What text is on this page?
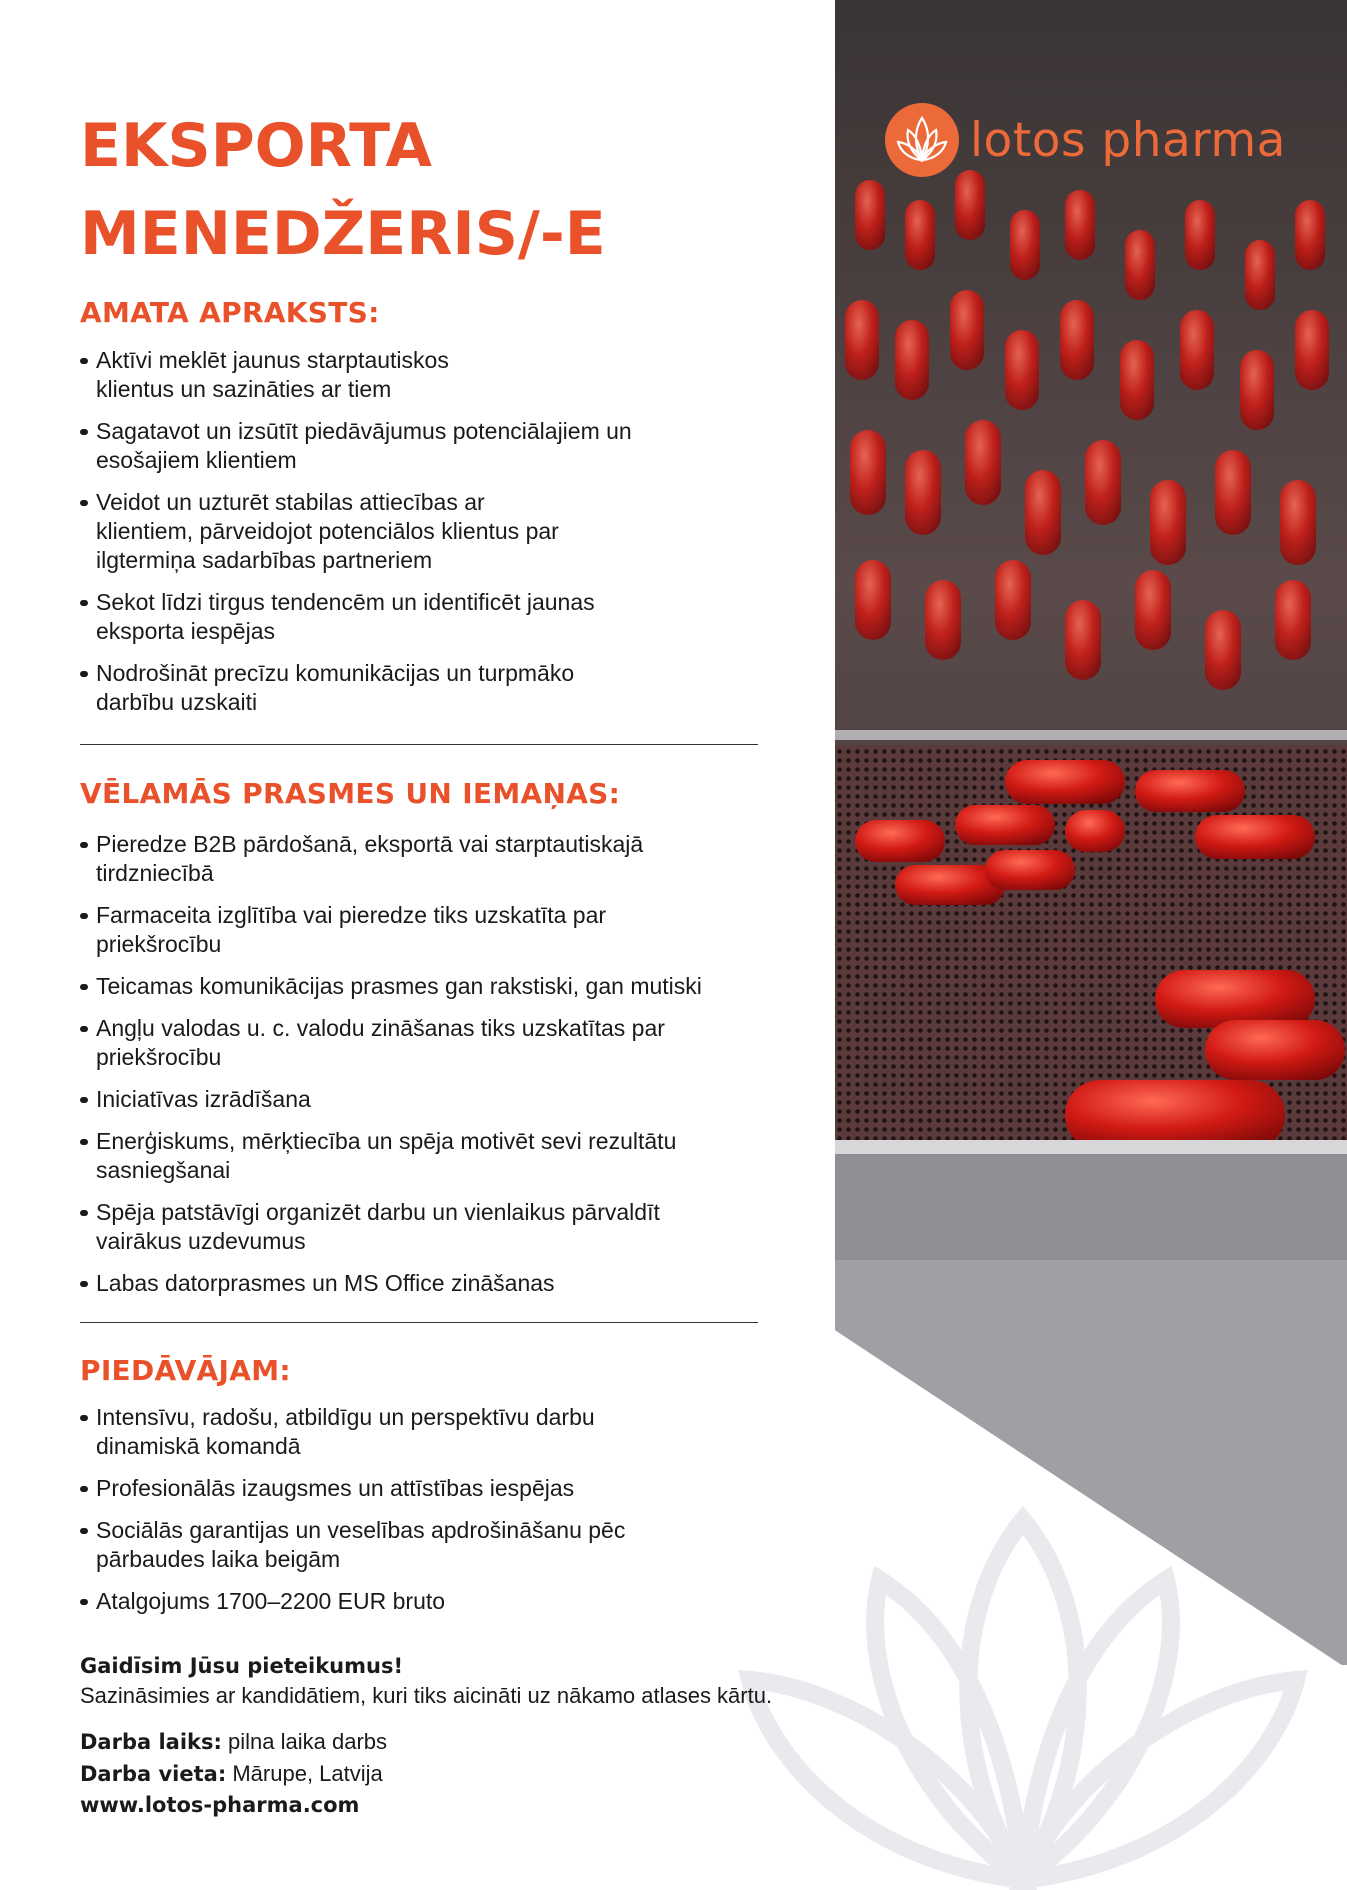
lotos pharma
EKSPORTA
MENEDŽERIS/-E
AMATA APRAKSTS:
Aktīvi meklēt jaunus starptautiskos
klientus un sazināties ar tiem
Sagatavot un izsūtīt piedāvājumus potenciālajiem un
esošajiem klientiem
Veidot un uzturēt stabilas attiecības ar
klientiem, pārveidojot potenciālos klientus par
ilgtermiņa sadarbības partneriem
Sekot līdzi tirgus tendencēm un identificēt jaunas
eksporta iespējas
Nodrošināt precīzu komunikācijas un turpmāko
darbību uzskaiti
VĒLAMĀS PRASMES UN IEMAŅAS:
Pieredze B2B pārdošanā, eksportā vai starptautiskajā
tirdzniecībā
Farmaceita izglītība vai pieredze tiks uzskatīta par
priekšrocību
Teicamas komunikācijas prasmes gan rakstiski, gan mutiski
Angļu valodas u. c. valodu zināšanas tiks uzskatītas par
priekšrocību
Iniciatīvas izrādīšana
Enerģiskums, mērķtiecība un spēja motivēt sevi rezultātu
sasniegšanai
Spēja patstāvīgi organizēt darbu un vienlaikus pārvaldīt
vairākus uzdevumus
Labas datorprasmes un MS Office zināšanas
PIEDĀVĀJAM:
Intensīvu, radošu, atbildīgu un perspektīvu darbu
dinamiskā komandā
Profesionālās izaugsmes un attīstības iespējas
Sociālās garantijas un veselības apdrošināšanu pēc
pārbaudes laika beigām
Atalgojums 1700–2200 EUR bruto
Gaidīsim Jūsu pieteikumus!
Sazināsimies ar kandidātiem, kuri tiks aicināti uz nākamo atlases kārtu.
Darba laiks: pilna laika darbs
Darba vieta: Mārupe, Latvija
www.lotos-pharma.com
